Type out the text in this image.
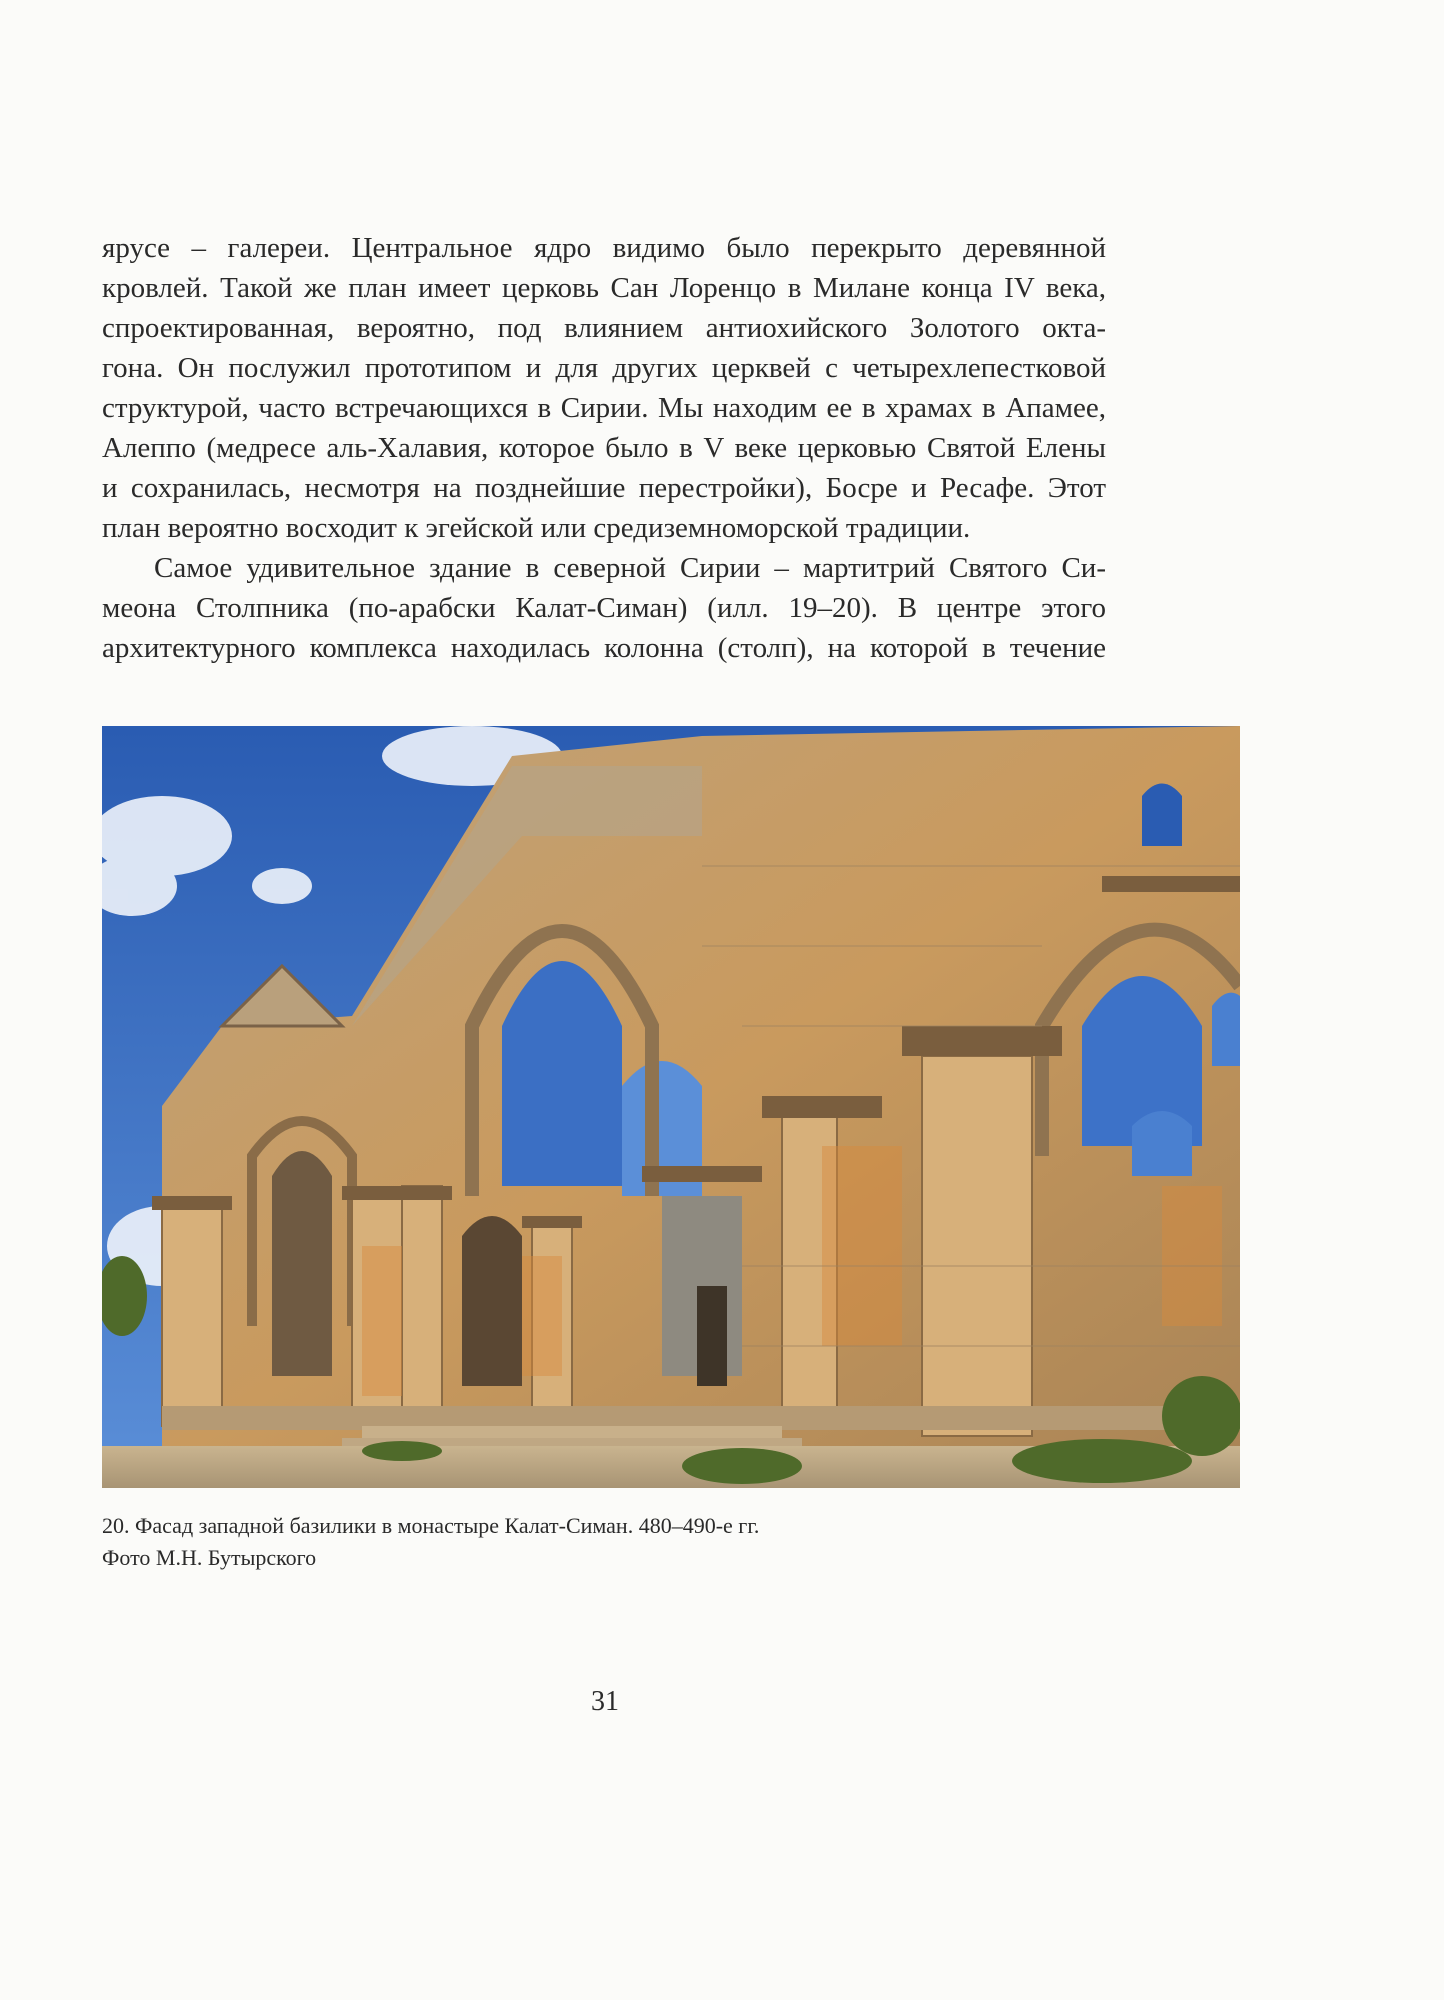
ярусе – галереи. Центральное ядро видимо было перекрыто деревянной

кровлей. Такой же план имеет церковь Сан Лоренцо в Милане конца IV века,

спроектированная, вероятно, под влиянием антиохийского Золотого окта-

гона. Он послужил прототипом и для других церквей с четырехлепестковой

структурой, часто встречающихся в Сирии. Мы находим ее в храмах в Апамее,

Алеппо (медресе аль-Халавия, которое было в V веке церковью Святой Елены

и сохранилась, несмотря на позднейшие перестройки), Босре и Ресафе. Этот

план вероятно восходит к эгейской или средиземноморской традиции.

Самое удивительное здание в северной Сирии – мартитрий Святого Си-

меона Столпника (по-арабски Калат-Симан) (илл. 19–20). В центре этого

архитектурного комплекса находилась колонна (столп), на которой в течение

20. Фасад западной базилики в монастыре Калат-Симан. 480–490-е гг.
Фото М.Н. Бутырского
31
